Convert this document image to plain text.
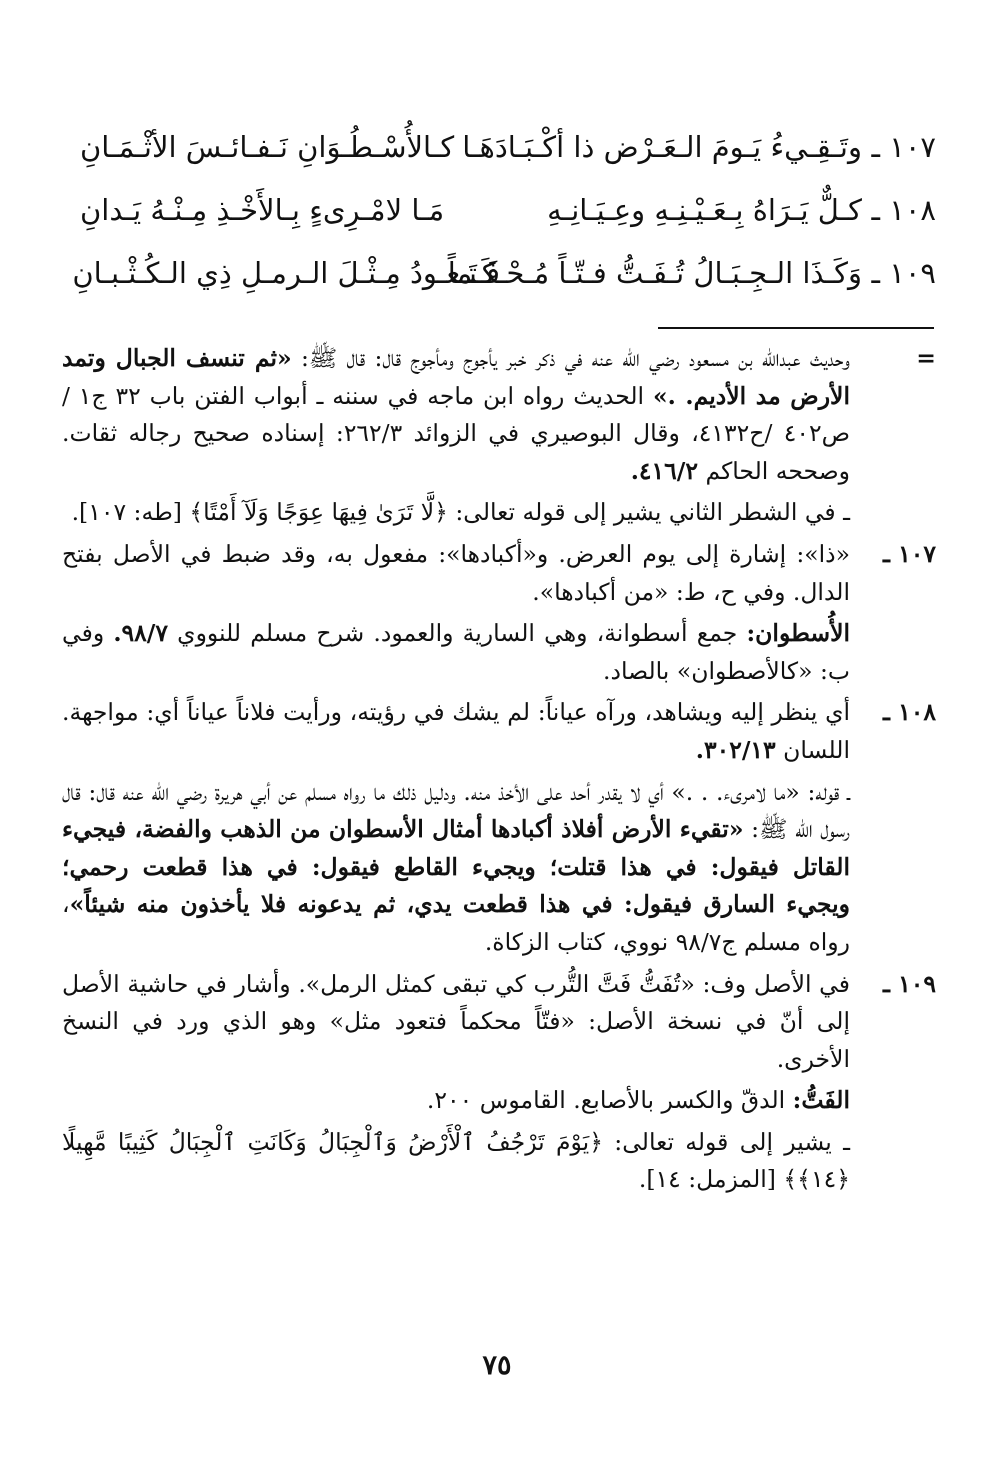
١٠٧ ـ
وتَـقِـيءُ يَـومَ الـعَـرْض ذا أكْـبَـادَهَـا
كـالأُسْـطُـوَانِ نَـفـائـسَ الأثْـمَـانِ
١٠٨ ـ
كـلٌّ يَـرَاهُ بِـعَـيْـنِـهِ وعِـيَـانِـهِ
مَـا لامْـرِىءٍ بِـالأَخْـذِ مِـنْـهُ يَـدانِ
١٠٩ ـ
وَكَـذَا الـجِـبَـالُ تُـفَـتُّ فـتّـاً مُـحْـكَـماً
فَـتَـعـودُ مِـثْـلَ الـرمـلِ ذِي الـكُـثْـبـانِ
=

وحديث عبدالله بن مسعود رضي الله عنه في ذكر خبر يأجوج ومأجوج قال: قال ﷺ: «ثم تنسف الجبال وتمد الأرض مد الأديم. .» الحديث رواه ابن ماجه في سننه ـ أبواب الفتن باب ٣٢ ج١ /ص٤٠٢ /ح٤١٣٢، وقال البوصيري في الزوائد ٢٦٢/٣: إسناده صحيح رجاله ثقات. وصححه الحاكم ٤١٦/٢.

ـ في الشطر الثاني يشير إلى قوله تعالى: ﴿لَّا تَرَىٰ فِيهَا عِوَجًا وَلَآ أَمْتًا﴾ [طه: ١٠٧].

١٠٧ ـ

«ذا»: إشارة إلى يوم العرض. و«أكبادها»: مفعول به، وقد ضبط في الأصل بفتح الدال. وفي ح، ط: «من أكبادها».

الأُسطوان: جمع أسطوانة، وهي السارية والعمود. شرح مسلم للنووي ٩٨/٧. وفي ب: «كالأصطوان» بالصاد.

١٠٨ ـ

أي ينظر إليه ويشاهد، ورآه عياناً: لم يشك في رؤيته، ورأيت فلاناً عياناً أي: مواجهة. اللسان ٣٠٢/١٣.

ـ قوله: «ما لامرىء. . .» أي لا يقدر أحد على الأخذ منه. ودليل ذلك ما رواه مسلم عن أبي هريرة رضي الله عنه قال: قال رسول الله ﷺ: «تقيء الأرض أفلاذ أكبادها أمثال الأسطوان من الذهب والفضة، فيجيء القاتل فيقول: في هذا قتلت؛ ويجيء القاطع فيقول: في هذا قطعت رحمي؛ ويجيء السارق فيقول: في هذا قطعت يدي، ثم يدعونه فلا يأخذون منه شيئاً»، رواه مسلم ج٩٨/٧ نووي، كتاب الزكاة.

١٠٩ ـ

في الأصل وف: «تُفَتُّ فَتَّ التُّرب كي تبقى كمثل الرمل». وأشار في حاشية الأصل إلى أنّ في نسخة الأصل: «فتّاً محكماً فتعود مثل» وهو الذي ورد في النسخ الأخرى.

الفَتُّ: الدقّ والكسر بالأصابع. القاموس ٢٠٠.

ـ يشير إلى قوله تعالى: ﴿يَوْمَ تَرْجُفُ ٱلْأَرْضُ وَٱلْجِبَالُ وَكَانَتِ ٱلْجِبَالُ كَثِيبًا مَّهِيلًا ﴿١٤﴾﴾ [المزمل: ١٤].

٧٥
